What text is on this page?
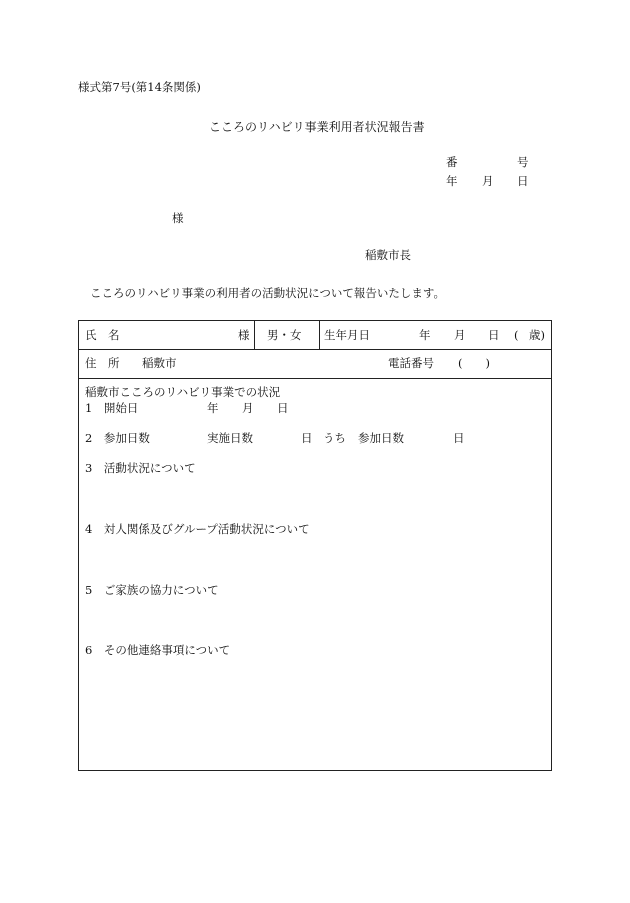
様式第7号(第14条関係)
こころのリハビリ事業利用者状況報告書
番	号
年 月 日
様
稲敷市長
こころのリハビリ事業の利用者の活動状況について報告いたします。
氏　名	様 男・女 生年月日	年 月 日 ( 歳)
住　所 稲敷市	電話番号 (　　)
稲敷市こころのリハビリ事業での状況
1　開始日	年 月 日
2　参加日数	実施日数	日 うち 参加日数	日
3　活動状況について
4　対人関係及びグループ活動状況について
5　ご家族の協力について
6　その他連絡事項について
